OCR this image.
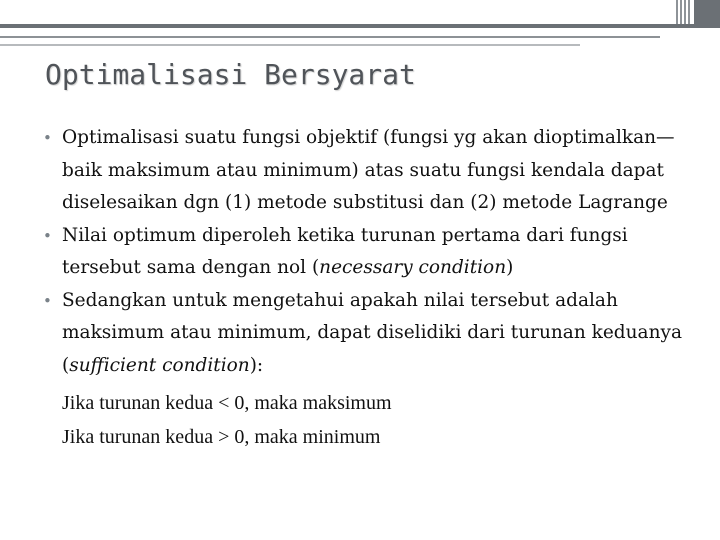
Optimalisasi Bersyarat
• Optimalisasi suatu fungsi objektif (fungsi yg akan dioptimalkan—baik maksimum atau minimum) atas suatu fungsi kendala dapat diselesaikan dgn (1) metode substitusi dan (2) metode Lagrange
• Nilai optimum diperoleh ketika turunan pertama dari fungsi tersebut sama dengan nol (necessary condition)
• Sedangkan untuk mengetahui apakah nilai tersebut adalah maksimum atau minimum, dapat diselidiki dari turunan keduanya (sufficient condition):
Jika turunan kedua < 0, maka maksimum
Jika turunan kedua > 0, maka minimum
